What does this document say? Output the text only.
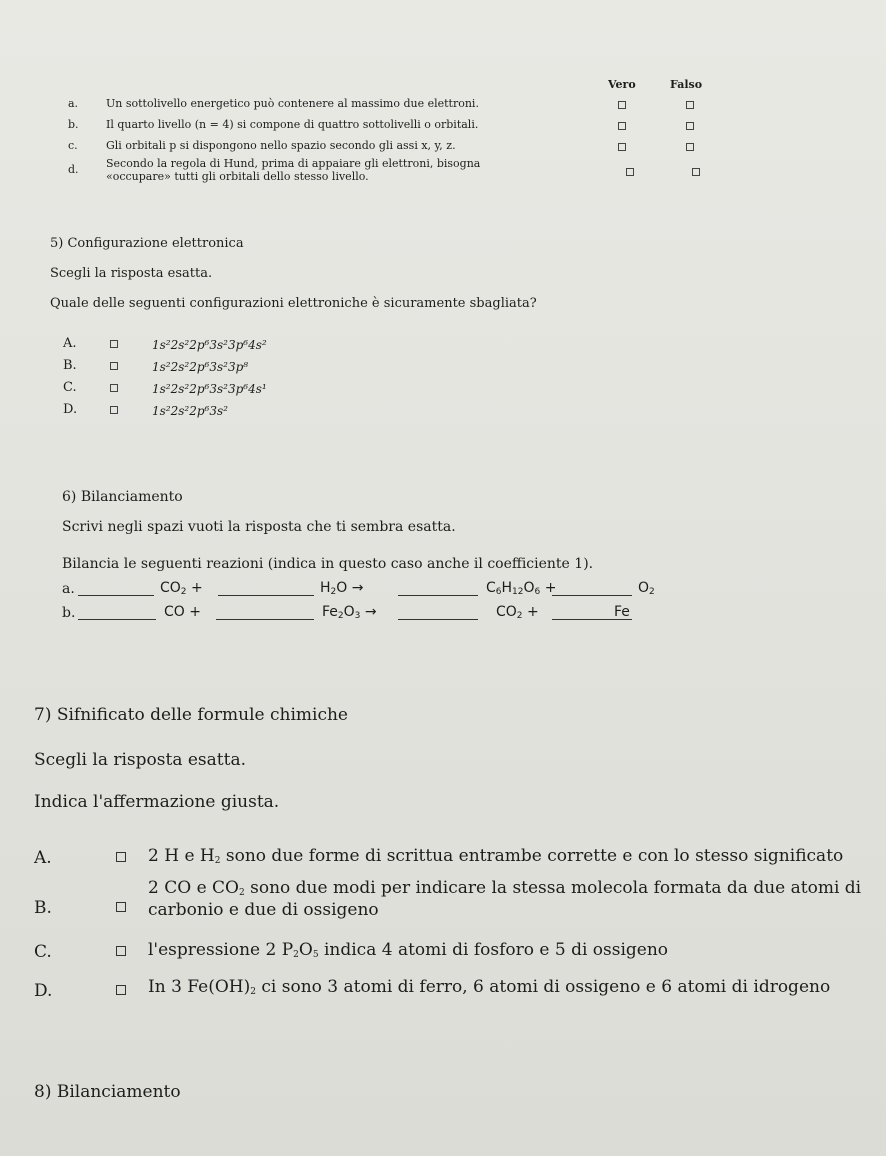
Vero	Falso
a.	Un sottolivello energetico può contenere al massimo due elettroni.
b. Il quarto livello (n = 4) si compone di quattro sottolivelli o orbitali.
c.	Gli orbitali p si dispongono nello spazio secondo gli assi x, y, z.
d. Secondo la regola di Hund, prima di appaiare gli elettroni, bisogna
«occupare» tutti gli orbitali dello stesso livello.
5) Configurazione elettronica
Scegli la risposta esatta.
Quale delle seguenti configurazioni elettroniche è sicuramente sbagliata?
A.	1s²2s²2p⁶3s²3p⁶4s²
B.	1s²2s²2p⁶3s²3p⁸
C.	1s²2s²2p⁶3s²3p⁶4s¹
D.	1s²2s²2p⁶3s²
6) Bilanciamento
Scrivi negli spazi vuoti la risposta che ti sembra esatta.
Bilancia le seguenti reazioni (indica in questo caso anche il coefficiente 1).
a.	$CO_2$ +	$H_2O$ →	$C_6H_{12}O_6$ +	$O_2$
b.	CO +	$Fe_2O_3$ →	$CO_2$ +	Fe
7) Sifnificato delle formule chimiche
Scegli la risposta esatta.
Indica l'affermazione giusta.
A.	2 H e $H_2$ sono due forme di scrittua entrambe corrette e con lo stesso significato
2 CO e $CO_2$ sono due modi per indicare la stessa molecola formata da due atomi di
B.	carbonio e due di ossigeno
C.	l'espressione 2 $P_2O_5$ indica 4 atomi di fosforo e 5 di ossigeno
D.	In 3 $Fe(OH)_2$ ci sono 3 atomi di ferro, 6 atomi di ossigeno e 6 atomi di idrogeno
8) Bilanciamento
